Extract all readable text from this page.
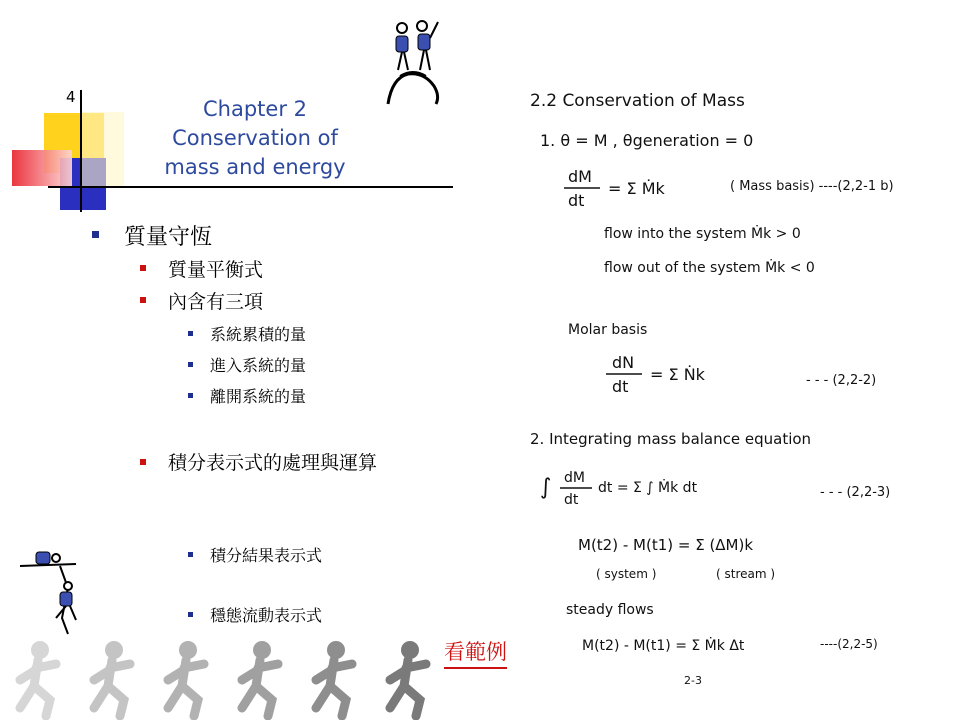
4	Chapter 2
Conservation of
mass and energy
質量守恆
質量平衡式
內含有三項
系統累積的量
進入系統的量
離開系統的量
積分表示式的處理與運算
積分結果表示式
穩態流動表示式
看範例
2.2 Conservation of Mass
1. θ = M , θgeneration = 0
dM
dt
= Σ Ṁk	( Mass basis) ----(2,2-1 b)
flow into the system Ṁk > 0
flow out of the system Ṁk < 0
Molar basis
dN
dt
= Σ Ṅk	- - - (2,2-2)
2. Integrating mass balance equation
∫ dM
dt
dt = Σ ∫ Ṁk dt	- - - (2,2-3)
M(t2) - M(t1) = Σ (ΔM)k
( system )	( stream )
steady flows
M(t2) - M(t1) = Σ Ṁk Δt	----(2,2-5)
2-3
